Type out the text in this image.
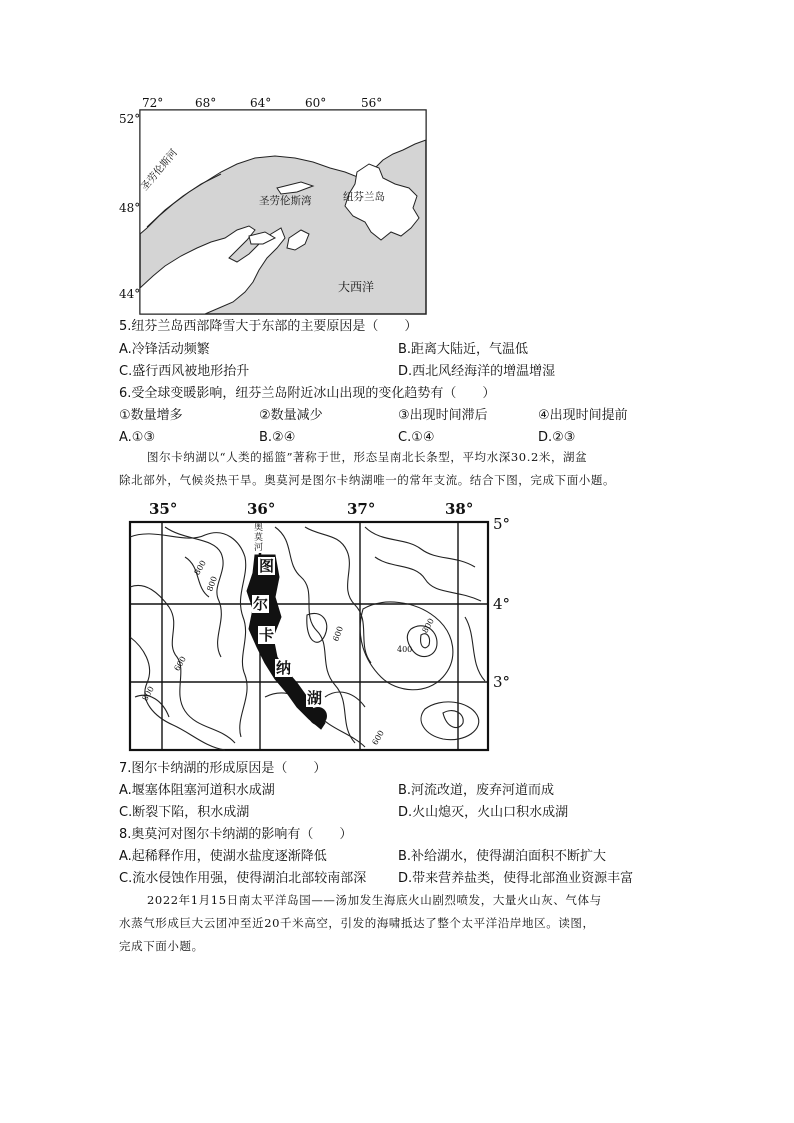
72°	68°	64°	60°	56°
52°
48°
44°
圣劳伦斯河
圣劳伦斯湾	纽芬兰岛
大西洋
5.纽芬兰岛西部降雪大于东部的主要原因是（　　）
A.冷锋活动频繁	B.距离大陆近，气温低
C.盛行西风被地形抬升	D.西北风经海洋的增温增湿
6.受全球变暖影响，纽芬兰岛附近冰山出现的变化趋势有（　　）
①数量增多	②数量减少	③出现时间滞后	④出现时间提前
A.①③	B.②④	C.①④	D.②③
图尔卡纳湖以“人类的摇篮”著称于世，形态呈南北长条型，平均水深30.2米，湖盆
除北部外，气候炎热干旱。奥莫河是图尔卡纳湖唯一的常年支流。结合下图，完成下面小题。
35°	36°	37°	38°
5°
4°
3°
奥
莫
河
图
尔
卡
纳
湖
800
800
600
800
600
400
800
600
7.图尔卡纳湖的形成原因是（　　）
A.堰塞体阻塞河道积水成湖	B.河流改道，废弃河道而成
C.断裂下陷，积水成湖	D.火山熄灭，火山口积水成湖
8.奥莫河对图尔卡纳湖的影响有（　　）
A.起稀释作用，使湖水盐度逐渐降低	B.补给湖水，使得湖泊面积不断扩大
C.流水侵蚀作用强，使得湖泊北部较南部深 D.带来营养盐类，使得北部渔业资源丰富
2022年1月15日南太平洋岛国——汤加发生海底火山剧烈喷发，大量火山灰、气体与
水蒸气形成巨大云团冲至近20千米高空，引发的海啸抵达了整个太平洋沿岸地区。读图，
完成下面小题。
